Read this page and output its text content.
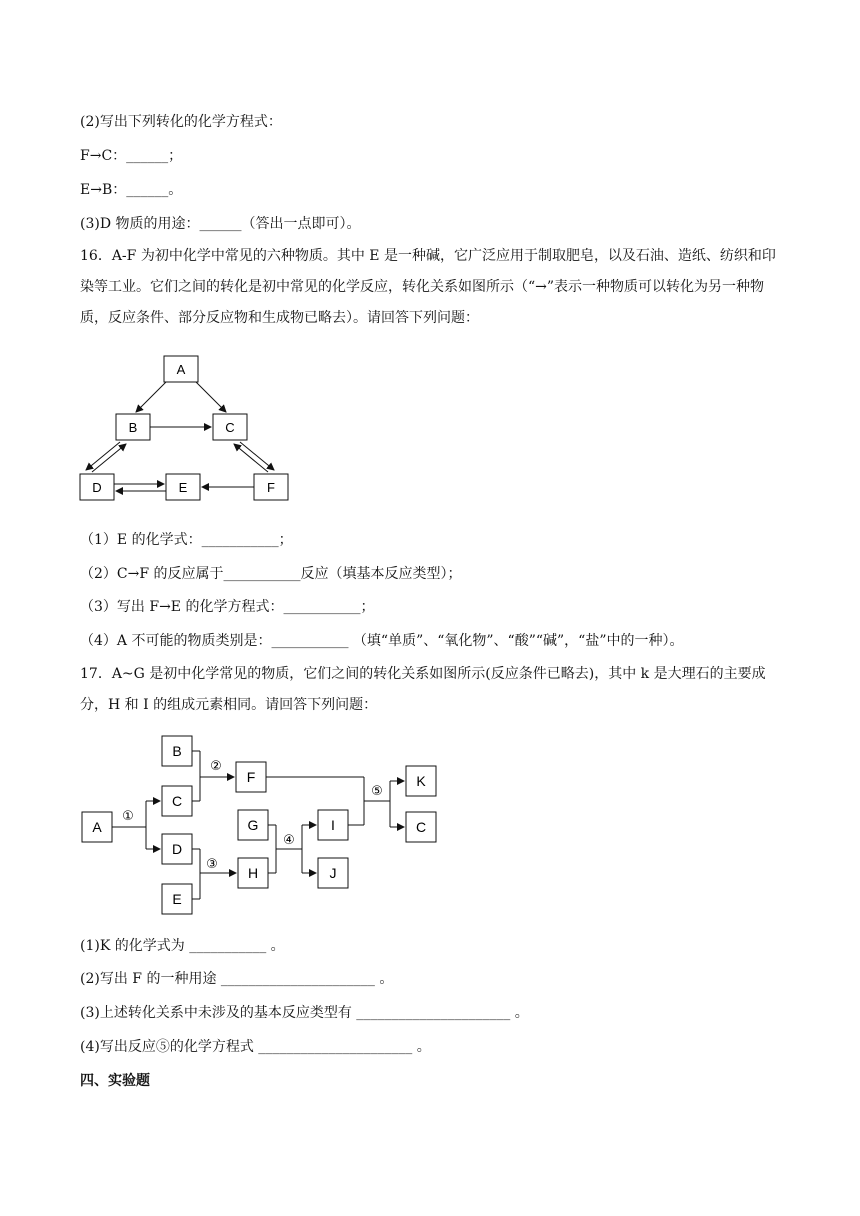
(2)写出下列转化的化学方程式：
F→C：______；
E→B：______。
(3)D 物质的用途：______（答出一点即可）。
16．A-F 为初中化学中常见的六种物质。其中 E 是一种碱，它广泛应用于制取肥皂，以及石油、造纸、纺织和印染等工业。它们之间的转化是初中常见的化学反应，转化关系如图所示（“→”表示一种物质可以转化为另一种物质，反应条件、部分反应物和生成物已略去）。请回答下列问题：
A
B	C
D	E	F
（1）E 的化学式：___________；
（2）C→F 的反应属于___________反应（填基本反应类型）；
（3）写出 F→E 的化学方程式：___________；
（4）A 不可能的物质类别是：___________ （填“单质”、“氧化物”、“酸”“碱”，“盐”中的一种）。
17．A~G 是初中化学常见的物质，它们之间的转化关系如图所示(反应条件已略去)，其中 k 是大理石的主要成分，H 和 I 的组成元素相同。请回答下列问题：
A
B
C
D
E
F
G
H
I
J
K
C
①
②
③
④
⑤
(1)K 的化学式为 ___________ 。
(2)写出 F 的一种用途 ______________________ 。
(3)上述转化关系中未涉及的基本反应类型有 ______________________ 。
(4)写出反应⑤的化学方程式 ______________________ 。
四、实验题
